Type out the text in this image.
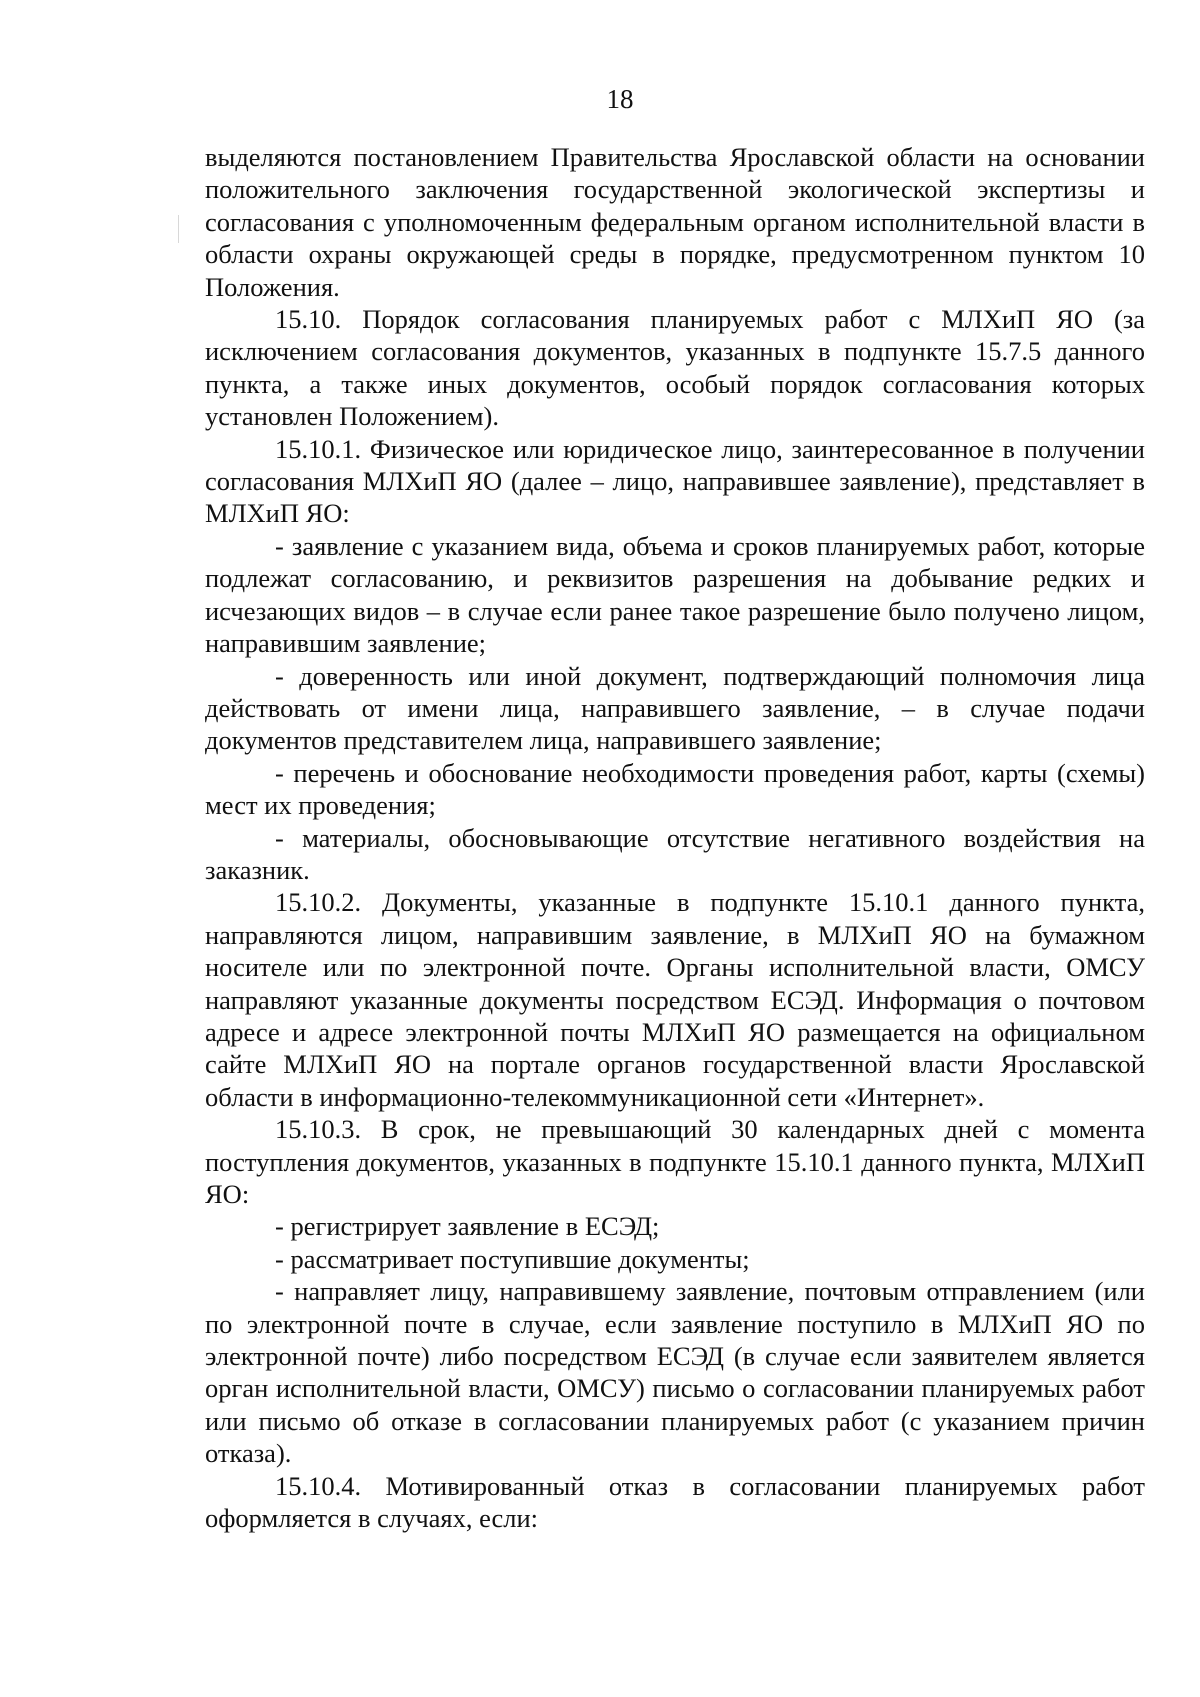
18

выделяются постановлением Правительства Ярославской области на основании положительного заключения государственной экологической экспертизы и согласования с уполномоченным федеральным органом исполнительной власти в области охраны окружающей среды в порядке, предусмотренном пунктом 10 Положения.

15.10. Порядок согласования планируемых работ с МЛХиП ЯО (за исключением согласования документов, указанных в подпункте 15.7.5 данного пункта, а также иных документов, особый порядок согласования которых установлен Положением).

15.10.1. Физическое или юридическое лицо, заинтересованное в получении согласования МЛХиП ЯО (далее – лицо, направившее заявление), представляет в МЛХиП ЯО:

- заявление с указанием вида, объема и сроков планируемых работ, которые подлежат согласованию, и реквизитов разрешения на добывание редких и исчезающих видов – в случае если ранее такое разрешение было получено лицом, направившим заявление;

- доверенность или иной документ, подтверждающий полномочия лица действовать от имени лица, направившего заявление, – в случае подачи документов представителем лица, направившего заявление;

- перечень и обоснование необходимости проведения работ, карты (схемы) мест их проведения;

- материалы, обосновывающие отсутствие негативного воздействия на заказник.

15.10.2. Документы, указанные в подпункте 15.10.1 данного пункта, направляются лицом, направившим заявление, в МЛХиП ЯО на бумажном носителе или по электронной почте. Органы исполнительной власти, ОМСУ направляют указанные документы посредством ЕСЭД. Информация о почтовом адресе и адресе электронной почты МЛХиП ЯО размещается на официальном сайте МЛХиП ЯО на портале органов государственной власти Ярославской области в информационно-телекоммуникационной сети «Интернет».

15.10.3. В срок, не превышающий 30 календарных дней с момента поступления документов, указанных в подпункте 15.10.1 данного пункта, МЛХиП ЯО:

- регистрирует заявление в ЕСЭД;

- рассматривает поступившие документы;

- направляет лицу, направившему заявление, почтовым отправлением (или по электронной почте в случае, если заявление поступило в МЛХиП ЯО по электронной почте) либо посредством ЕСЭД (в случае если заявителем является орган исполнительной власти, ОМСУ) письмо о согласовании планируемых работ или письмо об отказе в согласовании планируемых работ (с указанием причин отказа).

15.10.4. Мотивированный отказ в согласовании планируемых работ оформляется в случаях, если:
